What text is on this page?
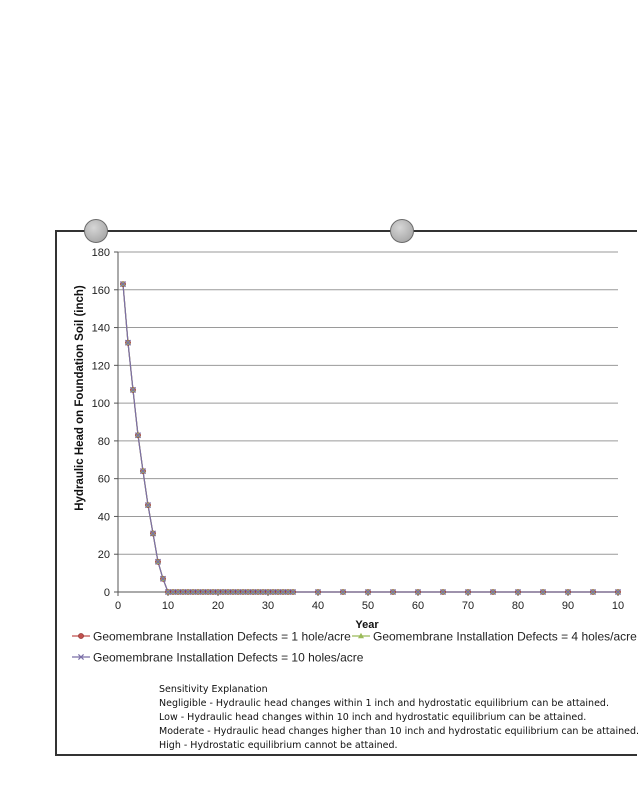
0
20
40
60
80
100
120
140
160
180
0	10	20	30	40	50	60	70	80	90	10
Year
Hydraulic Head on Foundation Soil (inch)
Geomembrane Installation Defects = 1 hole/acre Geomembrane Installation Defects = 4 holes/acre
Geomembrane Installation Defects = 10 holes/acre
Sensitivity Explanation
Negligible - Hydraulic head changes within 1 inch and hydrostatic equilibrium can be attained.
Low - Hydraulic head changes within 10 inch and hydrostatic equilibrium can be attained.
Moderate - Hydraulic head changes higher than 10 inch and hydrostatic equilibrium can be attained.
High - Hydrostatic equilibrium cannot be attained.
